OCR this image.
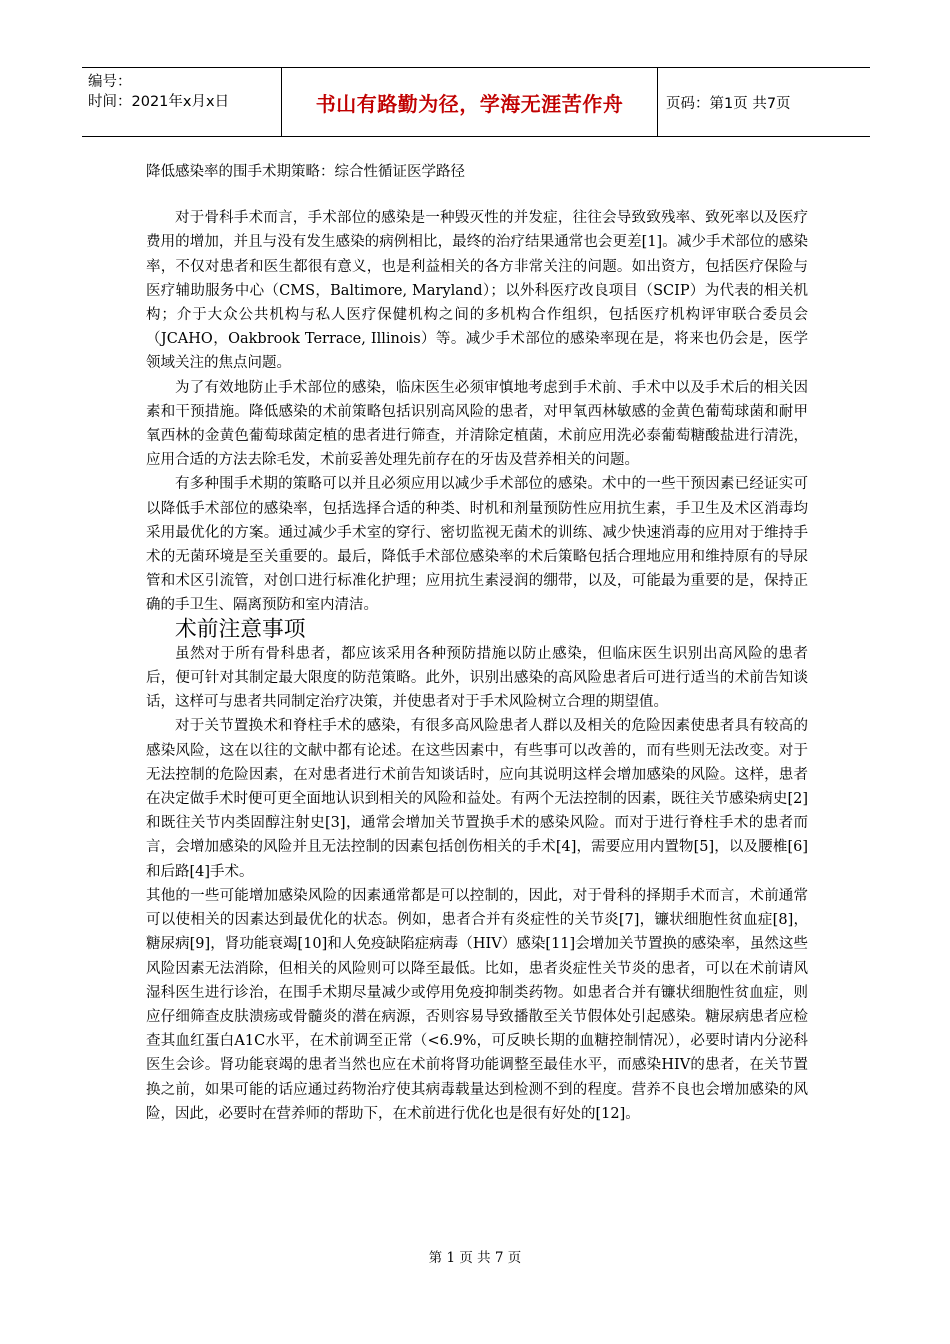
编号：
时间：2021年x月x日	书山有路勤为径，学海无涯苦作舟	页码：第1页 共7页
降低感染率的围手术期策略：综合性循证医学路径

对于骨科手术而言，手术部位的感染是一种毁灭性的并发症，往往会导致致残率、致死率以及医疗费用的增加，并且与没有发生感染的病例相比，最终的治疗结果通常也会更差[1]。减少手术部位的感染率，不仅对患者和医生都很有意义，也是利益相关的各方非常关注的问题。如出资方，包括医疗保险与医疗辅助服务中心（CMS，Baltimore, Maryland）；以外科医疗改良项目（SCIP）为代表的相关机构；介于大众公共机构与私人医疗保健机构之间的多机构合作组织，包括医疗机构评审联合委员会（JCAHO，Oakbrook Terrace, Illinois）等。减少手术部位的感染率现在是，将来也仍会是，医学领域关注的焦点问题。

为了有效地防止手术部位的感染，临床医生必须审慎地考虑到手术前、手术中以及手术后的相关因素和干预措施。降低感染的术前策略包括识别高风险的患者，对甲氧西林敏感的金黄色葡萄球菌和耐甲氧西林的金黄色葡萄球菌定植的患者进行筛查，并清除定植菌，术前应用洗必泰葡萄糖酸盐进行清洗，应用合适的方法去除毛发，术前妥善处理先前存在的牙齿及营养相关的问题。

有多种围手术期的策略可以并且必须应用以减少手术部位的感染。术中的一些干预因素已经证实可以降低手术部位的感染率，包括选择合适的种类、时机和剂量预防性应用抗生素，手卫生及术区消毒均采用最优化的方案。通过减少手术室的穿行、密切监视无菌术的训练、减少快速消毒的应用对于维持手术的无菌环境是至关重要的。最后，降低手术部位感染率的术后策略包括合理地应用和维持原有的导尿管和术区引流管，对创口进行标准化护理；应用抗生素浸润的绷带，以及，可能最为重要的是，保持正确的手卫生、隔离预防和室内清洁。

术前注意事项

虽然对于所有骨科患者，都应该采用各种预防措施以防止感染，但临床医生识别出高风险的患者后，便可针对其制定最大限度的防范策略。此外，识别出感染的高风险患者后可进行适当的术前告知谈话，这样可与患者共同制定治疗决策，并使患者对于手术风险树立合理的期望值。

对于关节置换术和脊柱手术的感染，有很多高风险患者人群以及相关的危险因素使患者具有较高的感染风险，这在以往的文献中都有论述。在这些因素中，有些事可以改善的，而有些则无法改变。对于无法控制的危险因素，在对患者进行术前告知谈话时，应向其说明这样会增加感染的风险。这样，患者在决定做手术时便可更全面地认识到相关的风险和益处。有两个无法控制的因素，既往关节感染病史[2]和既往关节内类固醇注射史[3]，通常会增加关节置换手术的感染风险。而对于进行脊柱手术的患者而言，会增加感染的风险并且无法控制的因素包括创伤相关的手术[4]，需要应用内置物[5]，以及腰椎[6]和后路[4]手术。

其他的一些可能增加感染风险的因素通常都是可以控制的，因此，对于骨科的择期手术而言，术前通常可以使相关的因素达到最优化的状态。例如，患者合并有炎症性的关节炎[7]，镰状细胞性贫血症[8]，糖尿病[9]，肾功能衰竭[10]和人免疫缺陷症病毒（HIV）感染[11]会增加关节置换的感染率，虽然这些风险因素无法消除，但相关的风险则可以降至最低。比如，患者炎症性关节炎的患者，可以在术前请风湿科医生进行诊治，在围手术期尽量减少或停用免疫抑制类药物。如患者合并有镰状细胞性贫血症，则应仔细筛查皮肤溃疡或骨髓炎的潜在病源，否则容易导致播散至关节假体处引起感染。糖尿病患者应检查其血红蛋白A1C水平，在术前调至正常（<6.9%，可反映长期的血糖控制情况），必要时请内分泌科医生会诊。肾功能衰竭的患者当然也应在术前将肾功能调整至最佳水平，而感染HIV的患者，在关节置换之前，如果可能的话应通过药物治疗使其病毒载量达到检测不到的程度。营养不良也会增加感染的风险，因此，必要时在营养师的帮助下，在术前进行优化也是很有好处的[12]。

第 1 页 共 7 页
